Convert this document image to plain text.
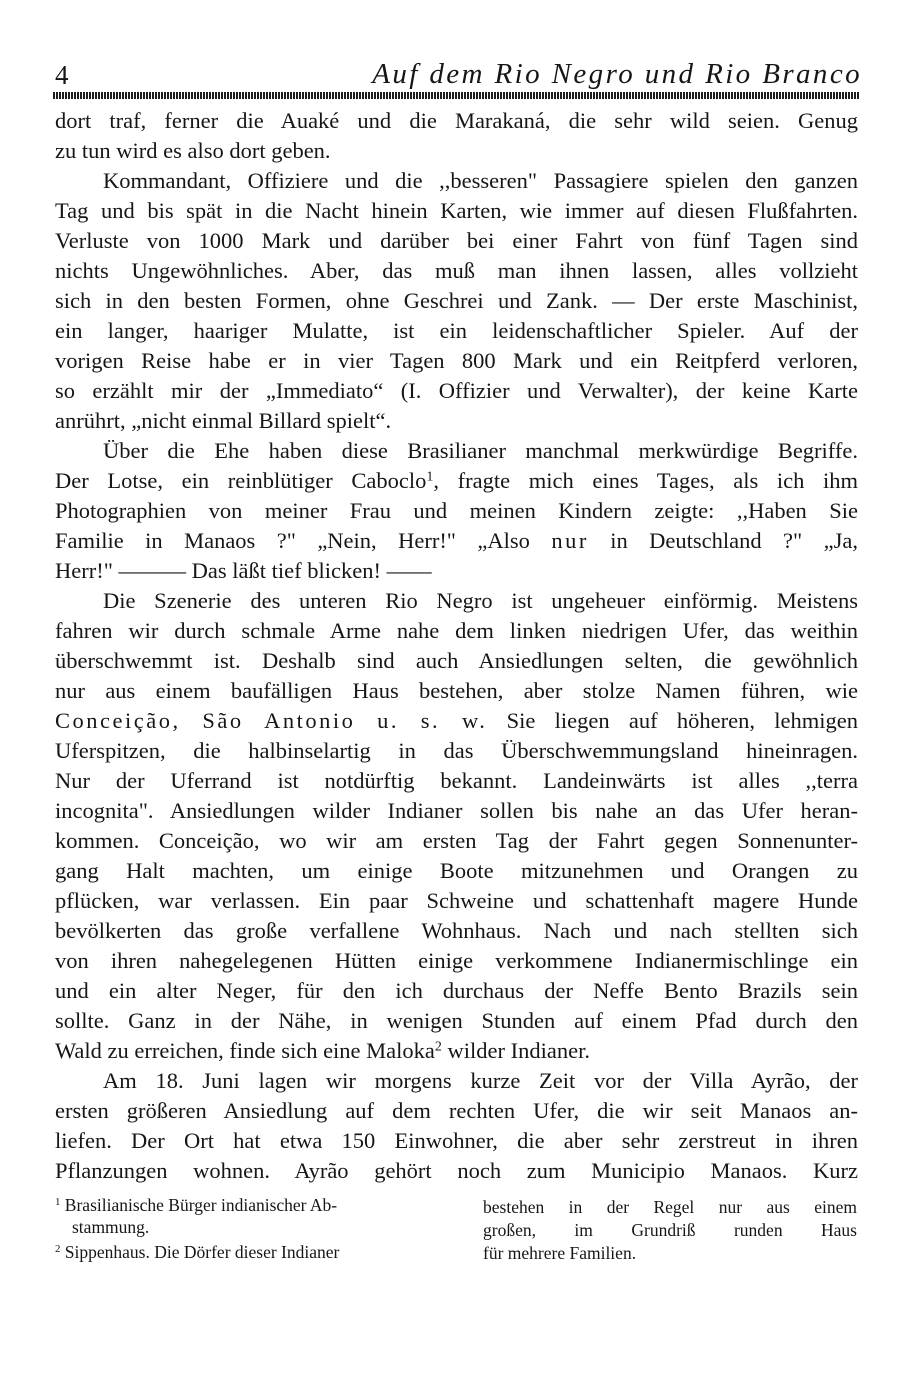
4	Auf dem Rio Negro und Rio Branco
dort traf, ferner die Auaké und die Marakaná, die sehr wild seien. Genug
zu tun wird es also dort geben.
Kommandant, Offiziere und die ,,besseren" Passagiere spielen den ganzen
Tag und bis spät in die Nacht hinein Karten, wie immer auf diesen Flußfahrten.
Verluste von 1000 Mark und darüber bei einer Fahrt von fünf Tagen sind
nichts Ungewöhnliches. Aber, das muß man ihnen lassen, alles vollzieht
sich in den besten Formen, ohne Geschrei und Zank. — Der erste Maschinist,
ein langer, haariger Mulatte, ist ein leidenschaftlicher Spieler. Auf der
vorigen Reise habe er in vier Tagen 800 Mark und ein Reitpferd verloren,
so erzählt mir der „Immediato“ (I. Offizier und Verwalter), der keine Karte
anrührt, „nicht einmal Billard spielt“.
Über die Ehe haben diese Brasilianer manchmal merkwürdige Begriffe.
Der Lotse, ein reinblütiger Caboclo$^1$, fragte mich eines Tages, als ich ihm
Photographien von meiner Frau und meinen Kindern zeigte: ,,Haben Sie
Familie in Manaos ?" „Nein, Herr!" „Also nur in Deutschland ?" „Ja,
Herr!" ——— Das läßt tief blicken! ——
Die Szenerie des unteren Rio Negro ist ungeheuer einförmig. Meistens
fahren wir durch schmale Arme nahe dem linken niedrigen Ufer, das weithin
überschwemmt ist. Deshalb sind auch Ansiedlungen selten, die gewöhnlich
nur aus einem baufälligen Haus bestehen, aber stolze Namen führen, wie
Conceição, São Antonio u. s. w. Sie liegen auf höheren, lehmigen
Uferspitzen, die halbinselartig in das Überschwemmungsland hineinragen.
Nur der Uferrand ist notdürftig bekannt. Landeinwärts ist alles ,,terra
incognita". Ansiedlungen wilder Indianer sollen bis nahe an das Ufer heran-
kommen. Conceição, wo wir am ersten Tag der Fahrt gegen Sonnenunter-
gang Halt machten, um einige Boote mitzunehmen und Orangen zu
pflücken, war verlassen. Ein paar Schweine und schattenhaft magere Hunde
bevölkerten das große verfallene Wohnhaus. Nach und nach stellten sich
von ihren nahegelegenen Hütten einige verkommene Indianermischlinge ein
und ein alter Neger, für den ich durchaus der Neffe Bento Brazils sein
sollte. Ganz in der Nähe, in wenigen Stunden auf einem Pfad durch den
Wald zu erreichen, finde sich eine Maloka$^2$ wilder Indianer.
Am 18. Juni lagen wir morgens kurze Zeit vor der Villa Ayrão, der
ersten größeren Ansiedlung auf dem rechten Ufer, die wir seit Manaos an-
liefen. Der Ort hat etwa 150 Einwohner, die aber sehr zerstreut in ihren
Pflanzungen wohnen. Ayrão gehört noch zum Municipio Manaos. Kurz
$^1$ Brasilianische Bürger indianischer Ab-
stammung.
$^2$ Sippenhaus. Die Dörfer dieser Indianer
bestehen in der Regel nur aus einem
großen, im Grundriß runden Haus
für mehrere Familien.
